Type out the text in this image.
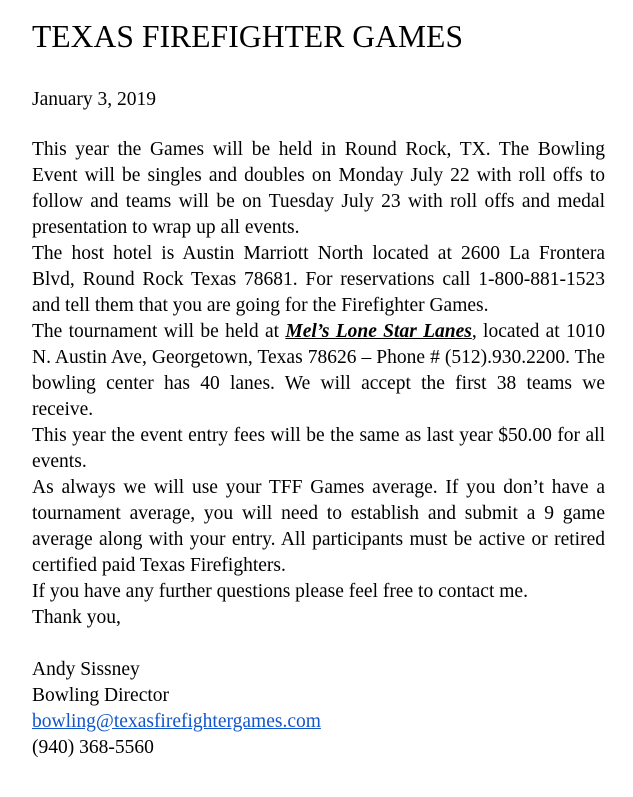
TEXAS FIREFIGHTER GAMES
January 3, 2019

This year the Games will be held in Round Rock, TX. The Bowling Event will be singles and doubles on Monday July 22 with roll offs to follow and teams will be on Tuesday July 23 with roll offs and medal presentation to wrap up all events.

The host hotel is Austin Marriott North located at 2600 La Frontera Blvd, Round Rock Texas 78681. For reservations call 1-800-881-1523 and tell them that you are going for the Firefighter Games.

The tournament will be held at Mel’s Lone Star Lanes, located at 1010 N. Austin Ave, Georgetown, Texas 78626 – Phone # (512).930.2200. The bowling center has 40 lanes. We will accept the first 38 teams we receive.

This year the event entry fees will be the same as last year $50.00 for all events.

As always we will use your TFF Games average. If you don’t have a tournament average, you will need to establish and submit a 9 game average along with your entry. All participants must be active or retired certified paid Texas Firefighters.

If you have any further questions please feel free to contact me.

Thank you,

Andy Sissney
Bowling Director
bowling@texasfirefightergames.com
(940) 368-5560
